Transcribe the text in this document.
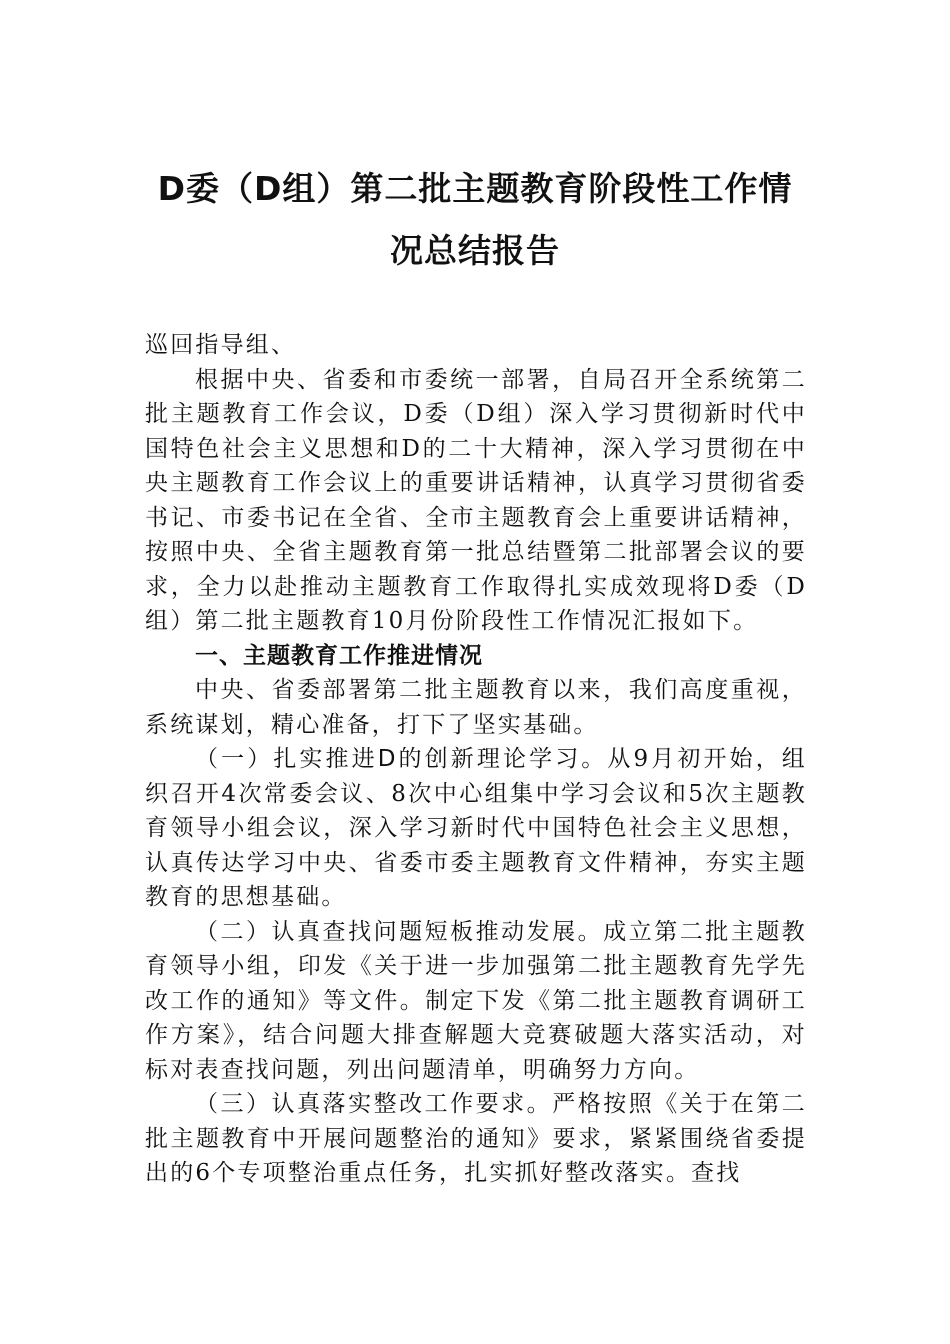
D委（D组）第二批主题教育阶段性工作情
况总结报告

巡回指导组、

根据中央、省委和市委统一部署，自局召开全系统第二批主题教育工作会议，D委（D组）深入学习贯彻新时代中国特色社会主义思想和D的二十大精神，深入学习贯彻在中央主题教育工作会议上的重要讲话精神，认真学习贯彻省委书记、市委书记在全省、全市主题教育会上重要讲话精神，按照中央、全省主题教育第一批总结暨第二批部署会议的要求，全力以赴推动主题教育工作取得扎实成效现将D委（D组）第二批主题教育10月份阶段性工作情况汇报如下。

一、主题教育工作推进情况

中央、省委部署第二批主题教育以来，我们高度重视，系统谋划，精心准备，打下了坚实基础。

（一）扎实推进D的创新理论学习。从9月初开始，组织召开4次常委会议、8次中心组集中学习会议和5次主题教育领导小组会议，深入学习新时代中国特色社会主义思想，认真传达学习中央、省委市委主题教育文件精神，夯实主题教育的思想基础。

（二）认真查找问题短板推动发展。成立第二批主题教育领导小组，印发《关于进一步加强第二批主题教育先学先改工作的通知》等文件。制定下发《第二批主题教育调研工作方案》，结合问题大排查解题大竞赛破题大落实活动，对标对表查找问题，列出问题清单，明确努力方向。

（三）认真落实整改工作要求。严格按照《关于在第二批主题教育中开展问题整治的通知》要求，紧紧围绕省委提出的6个专项整治重点任务，扎实抓好整改落实。查找
